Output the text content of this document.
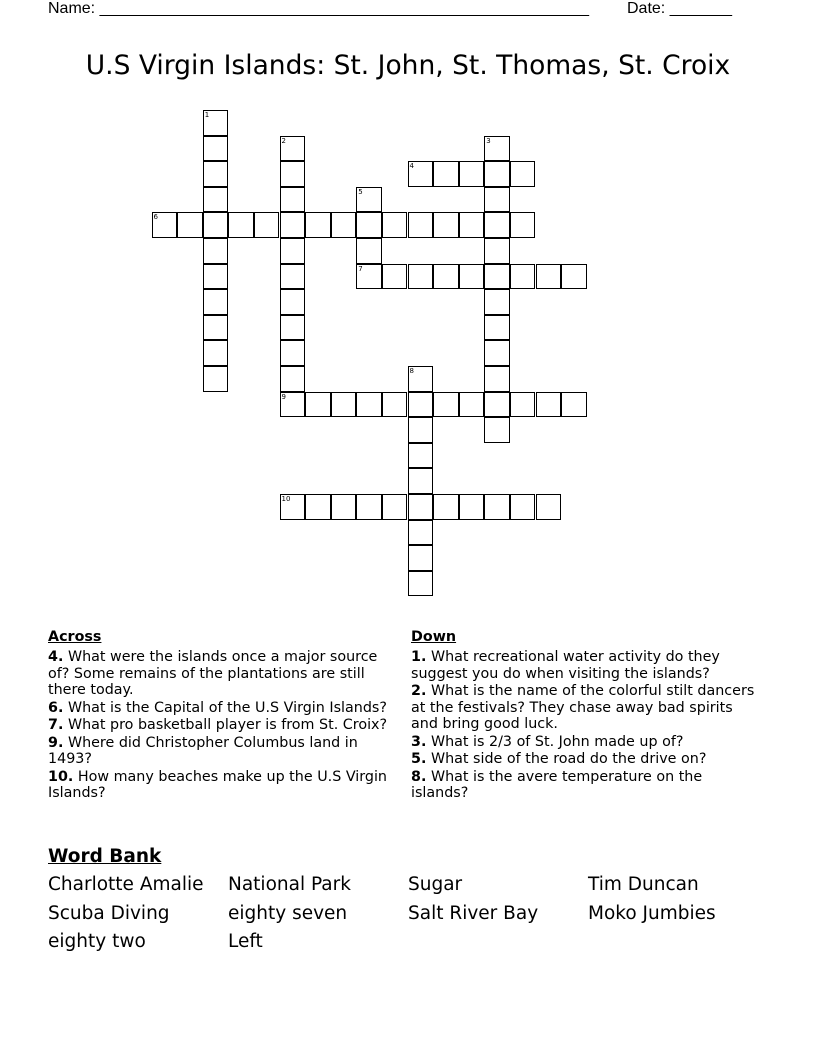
Name: _______________________________________________________ Date: _______
U.S Virgin Islands: St. John, St. Thomas, St. Croix
1
2
9
3
4
5
7
6
8
10
Across
4. What were the islands once a major source of? Some remains of the plantations are still there today.
6. What is the Capital of the U.S Virgin Islands?
7. What pro basketball player is from St. Croix?
9. Where did Christopher Columbus land in 1493?
10. How many beaches make up the U.S Virgin Islands?
Down
1. What recreational water activity do they suggest you do when visiting the islands?
2. What is the name of the colorful stilt dancers at the festivals? They chase away bad spirits and bring good luck.
3. What is 2/3 of St. John made up of?
5. What side of the road do the drive on?
8. What is the avere temperature on the islands?
Word Bank
Charlotte Amalie	National Park	Sugar	Tim Duncan
Scuba Diving	eighty seven	Salt River Bay	Moko Jumbies
eighty two	Left
